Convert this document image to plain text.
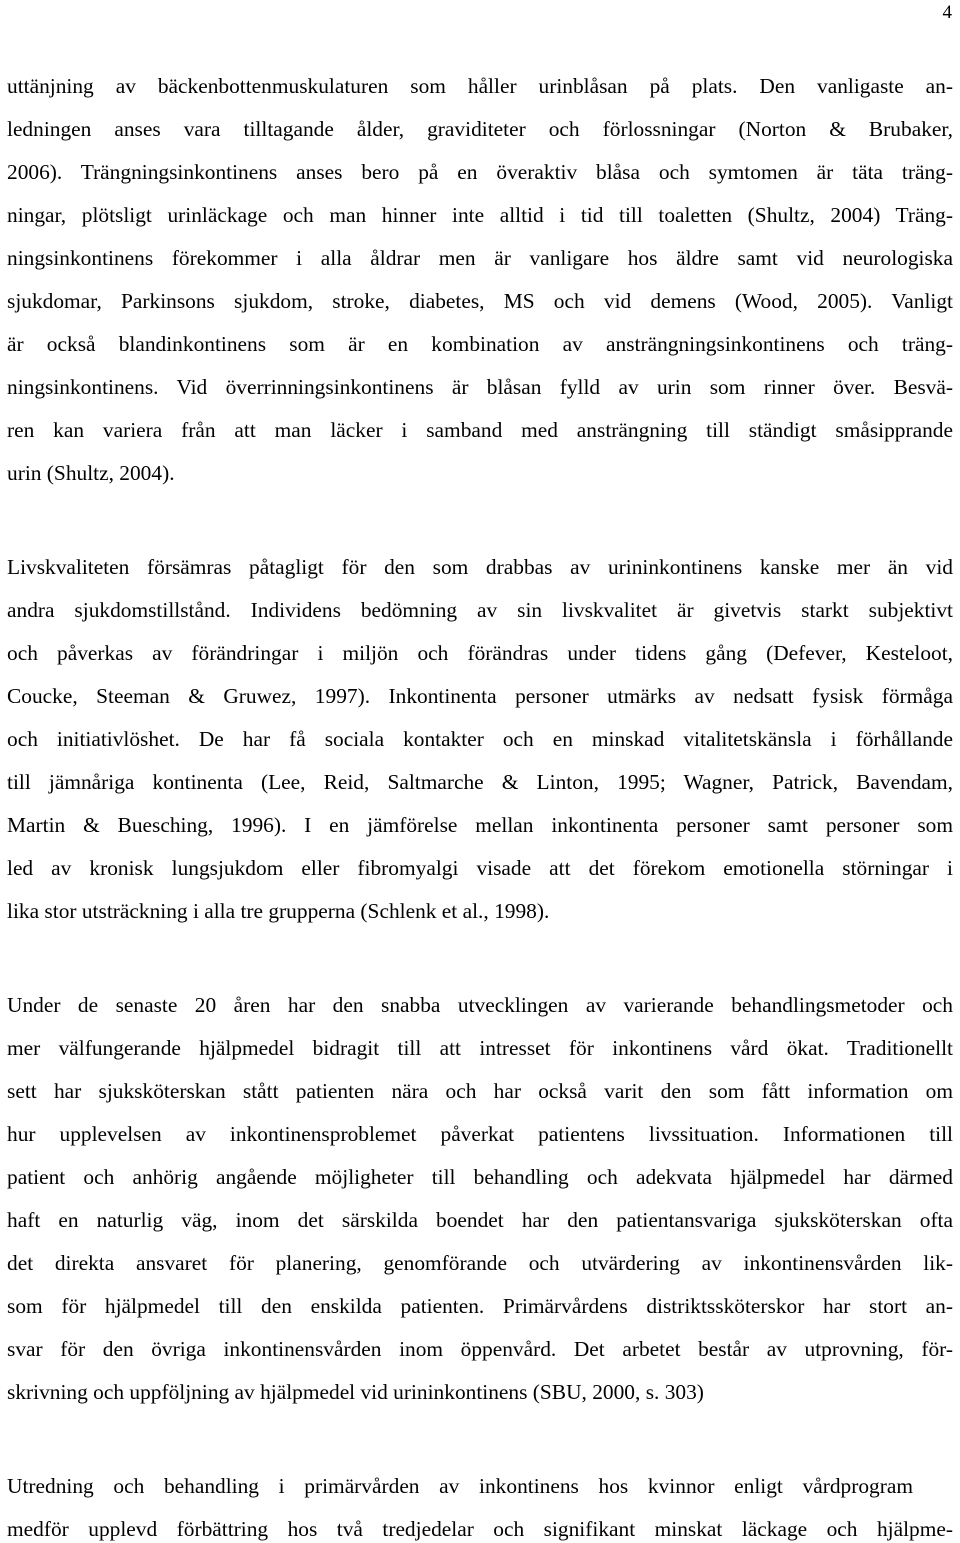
4
uttänjning av bäckenbottenmuskulaturen som håller urinblåsan på plats. Den vanligaste an-
ledningen anses vara tilltagande ålder, graviditeter och förlossningar (Norton & Brubaker,
2006). Trängningsinkontinens anses bero på en överaktiv blåsa och symtomen är täta träng-
ningar, plötsligt urinläckage och man hinner inte alltid i tid till toaletten (Shultz, 2004) Träng-
ningsinkontinens förekommer i alla åldrar men är vanligare hos äldre samt vid neurologiska
sjukdomar, Parkinsons sjukdom, stroke, diabetes, MS och vid demens (Wood, 2005). Vanligt
är också blandinkontinens som är en kombination av ansträngningsinkontinens och träng-
ningsinkontinens. Vid överrinningsinkontinens är blåsan fylld av urin som rinner över. Besvä-
ren kan variera från att man läcker i samband med ansträngning till ständigt småsipprande
urin (Shultz, 2004).
Livskvaliteten försämras påtagligt för den som drabbas av urininkontinens kanske mer än vid
andra sjukdomstillstånd. Individens bedömning av sin livskvalitet är givetvis starkt subjektivt
och påverkas av förändringar i miljön och förändras under tidens gång (Defever, Kesteloot,
Coucke, Steeman & Gruwez, 1997). Inkontinenta personer utmärks av nedsatt fysisk förmåga
och initiativlöshet. De har få sociala kontakter och en minskad vitalitetskänsla i förhållande
till jämnåriga kontinenta (Lee, Reid, Saltmarche & Linton, 1995; Wagner, Patrick, Bavendam,
Martin & Buesching, 1996). I en jämförelse mellan inkontinenta personer samt personer som
led av kronisk lungsjukdom eller fibromyalgi visade att det förekom emotionella störningar i
lika stor utsträckning i alla tre grupperna (Schlenk et al., 1998).
Under de senaste 20 åren har den snabba utvecklingen av varierande behandlingsmetoder och
mer välfungerande hjälpmedel bidragit till att intresset för inkontinens vård ökat. Traditionellt
sett har sjuksköterskan stått patienten nära och har också varit den som fått information om
hur upplevelsen av inkontinensproblemet påverkat patientens livssituation. Informationen till
patient och anhörig angående möjligheter till behandling och adekvata hjälpmedel har därmed
haft en naturlig väg, inom det särskilda boendet har den patientansvariga sjuksköterskan ofta
det direkta ansvaret för planering, genomförande och utvärdering av inkontinensvården lik-
som för hjälpmedel till den enskilda patienten. Primärvårdens distriktssköterskor har stort an-
svar för den övriga inkontinensvården inom öppenvård. Det arbetet består av utprovning, för-
skrivning och uppföljning av hjälpmedel vid urininkontinens (SBU, 2000, s. 303)
Utredning och behandling i primärvården av inkontinens hos kvinnor enligt vårdprogram
medför upplevd förbättring hos två tredjedelar och signifikant minskat läckage och hjälpme-
